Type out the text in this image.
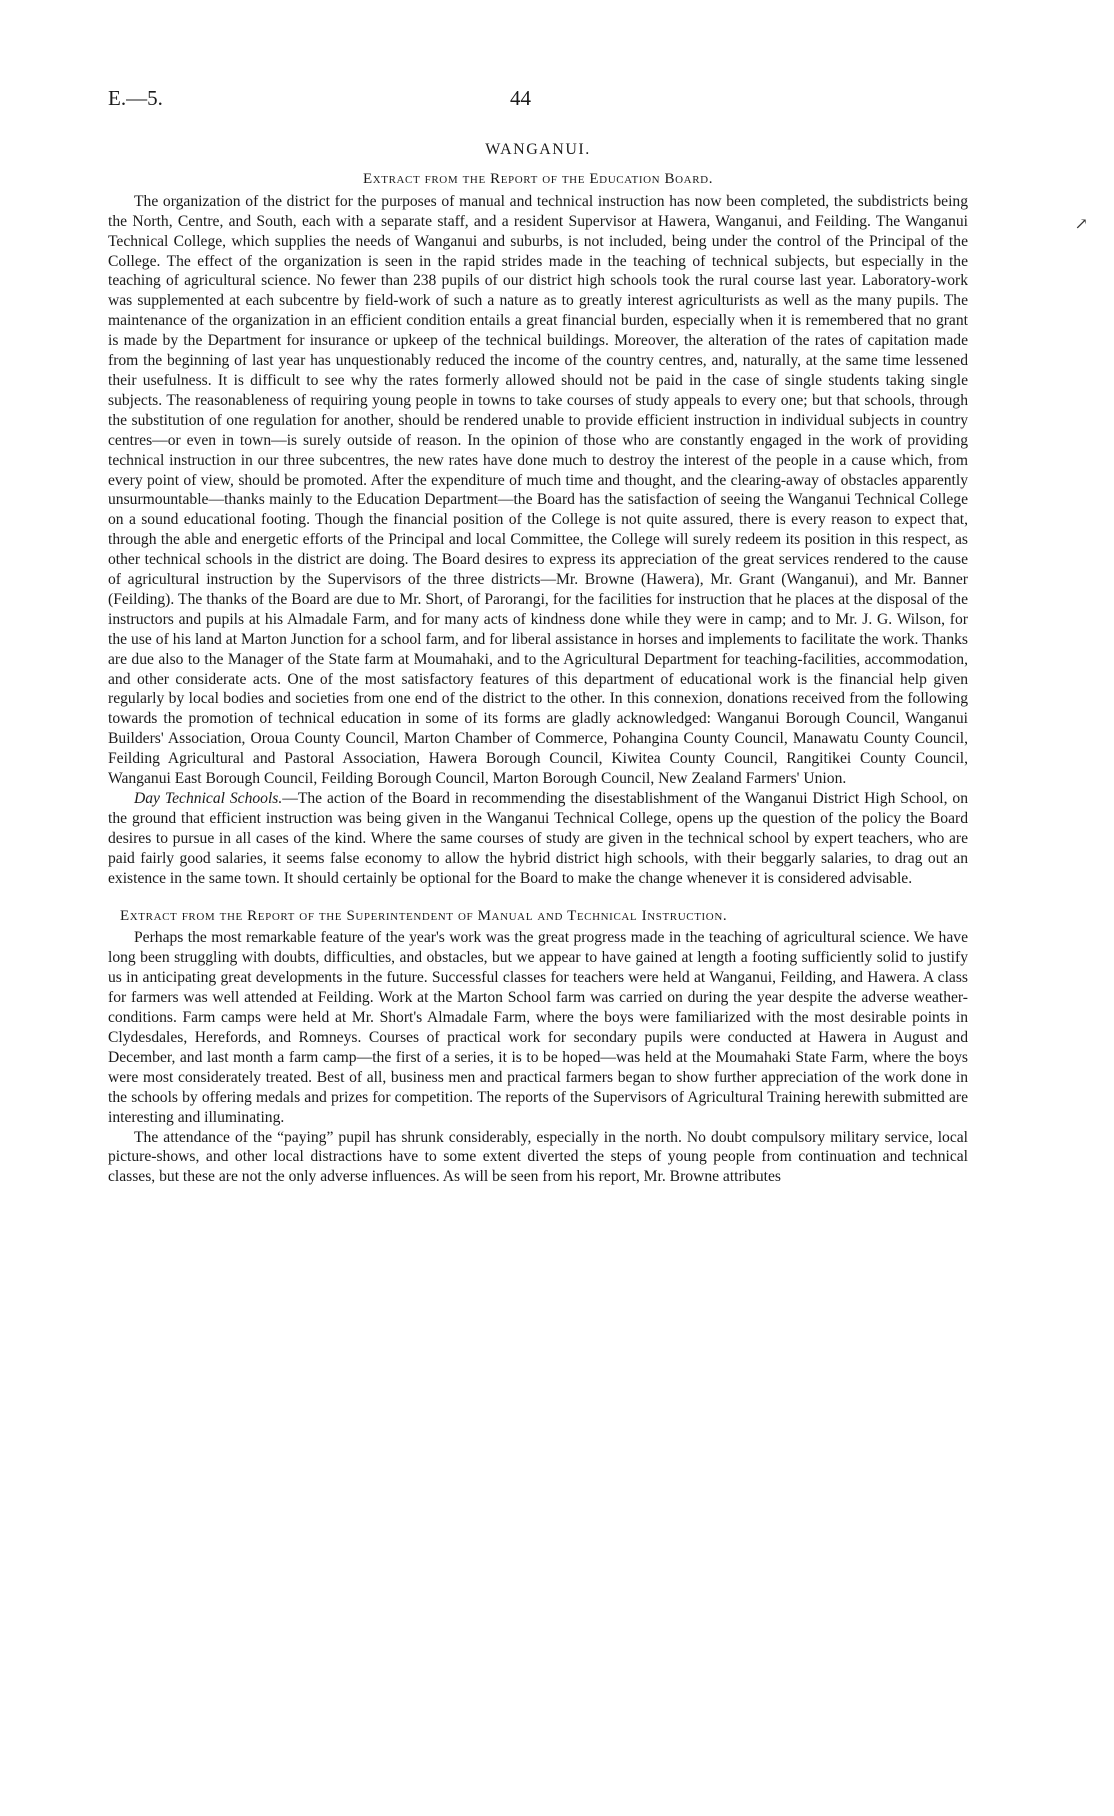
E.—5.	44
WANGANUI.
Extract from the Report of the Education Board.

The organization of the district for the purposes of manual and technical instruction has now been completed, the subdistricts being the North, Centre, and South, each with a separate staff, and a resident Supervisor at Hawera, Wanganui, and Feilding. The Wanganui Technical College, which supplies the needs of Wanganui and suburbs, is not included, being under the control of the Principal of the College. The effect of the organization is seen in the rapid strides made in the teaching of technical subjects, but especially in the teaching of agricultural science. No fewer than 238 pupils of our district high schools took the rural course last year. Laboratory-work was supplemented at each subcentre by field-work of such a nature as to greatly interest agriculturists as well as the many pupils. The maintenance of the organization in an efficient condition entails a great financial burden, especially when it is remembered that no grant is made by the Department for insurance or upkeep of the technical buildings. Moreover, the alteration of the rates of capitation made from the beginning of last year has unquestionably reduced the income of the country centres, and, naturally, at the same time lessened their usefulness. It is difficult to see why the rates formerly allowed should not be paid in the case of single students taking single subjects. The reasonableness of requiring young people in towns to take courses of study appeals to every one; but that schools, through the substitution of one regulation for another, should be rendered unable to provide efficient instruction in individual subjects in country centres—or even in town—is surely outside of reason. In the opinion of those who are constantly engaged in the work of providing technical instruction in our three subcentres, the new rates have done much to destroy the interest of the people in a cause which, from every point of view, should be promoted. After the expenditure of much time and thought, and the clearing-away of obstacles apparently unsurmountable—thanks mainly to the Education Department—the Board has the satisfaction of seeing the Wanganui Technical College on a sound educational footing. Though the financial position of the College is not quite assured, there is every reason to expect that, through the able and energetic efforts of the Principal and local Committee, the College will surely redeem its position in this respect, as other technical schools in the district are doing. The Board desires to express its appreciation of the great services rendered to the cause of agricultural instruction by the Supervisors of the three districts—Mr. Browne (Hawera), Mr. Grant (Wanganui), and Mr. Banner (Feilding). The thanks of the Board are due to Mr. Short, of Parorangi, for the facilities for instruction that he places at the disposal of the instructors and pupils at his Almadale Farm, and for many acts of kindness done while they were in camp; and to Mr. J. G. Wilson, for the use of his land at Marton Junction for a school farm, and for liberal assistance in horses and implements to facilitate the work. Thanks are due also to the Manager of the State farm at Moumahaki, and to the Agricultural Department for teaching-facilities, accommodation, and other considerate acts. One of the most satisfactory features of this department of educational work is the financial help given regularly by local bodies and societies from one end of the district to the other. In this connexion, donations received from the following towards the promotion of technical education in some of its forms are gladly acknowledged: Wanganui Borough Council, Wanganui Builders' Association, Oroua County Council, Marton Chamber of Commerce, Pohangina County Council, Manawatu County Council, Feilding Agricultural and Pastoral Association, Hawera Borough Council, Kiwitea County Council, Rangitikei County Council, Wanganui East Borough Council, Feilding Borough Council, Marton Borough Council, New Zealand Farmers' Union.

Day Technical Schools.—The action of the Board in recommending the disestablishment of the Wanganui District High School, on the ground that efficient instruction was being given in the Wanganui Technical College, opens up the question of the policy the Board desires to pursue in all cases of the kind. Where the same courses of study are given in the technical school by expert teachers, who are paid fairly good salaries, it seems false economy to allow the hybrid district high schools, with their beggarly salaries, to drag out an existence in the same town. It should certainly be optional for the Board to make the change whenever it is considered advisable.

Extract from the Report of the Superintendent of Manual and Technical Instruction.

Perhaps the most remarkable feature of the year's work was the great progress made in the teaching of agricultural science. We have long been struggling with doubts, difficulties, and obstacles, but we appear to have gained at length a footing sufficiently solid to justify us in anticipating great developments in the future. Successful classes for teachers were held at Wanganui, Feilding, and Hawera. A class for farmers was well attended at Feilding. Work at the Marton School farm was carried on during the year despite the adverse weather-conditions. Farm camps were held at Mr. Short's Almadale Farm, where the boys were familiarized with the most desirable points in Clydesdales, Herefords, and Romneys. Courses of practical work for secondary pupils were conducted at Hawera in August and December, and last month a farm camp—the first of a series, it is to be hoped—was held at the Moumahaki State Farm, where the boys were most considerately treated. Best of all, business men and practical farmers began to show further appreciation of the work done in the schools by offering medals and prizes for competition. The reports of the Supervisors of Agricultural Training herewith submitted are interesting and illuminating.

The attendance of the “paying” pupil has shrunk considerably, especially in the north. No doubt compulsory military service, local picture-shows, and other local distractions have to some extent diverted the steps of young people from continuation and technical classes, but these are not the only adverse influences. As will be seen from his report, Mr. Browne attributes

↗
